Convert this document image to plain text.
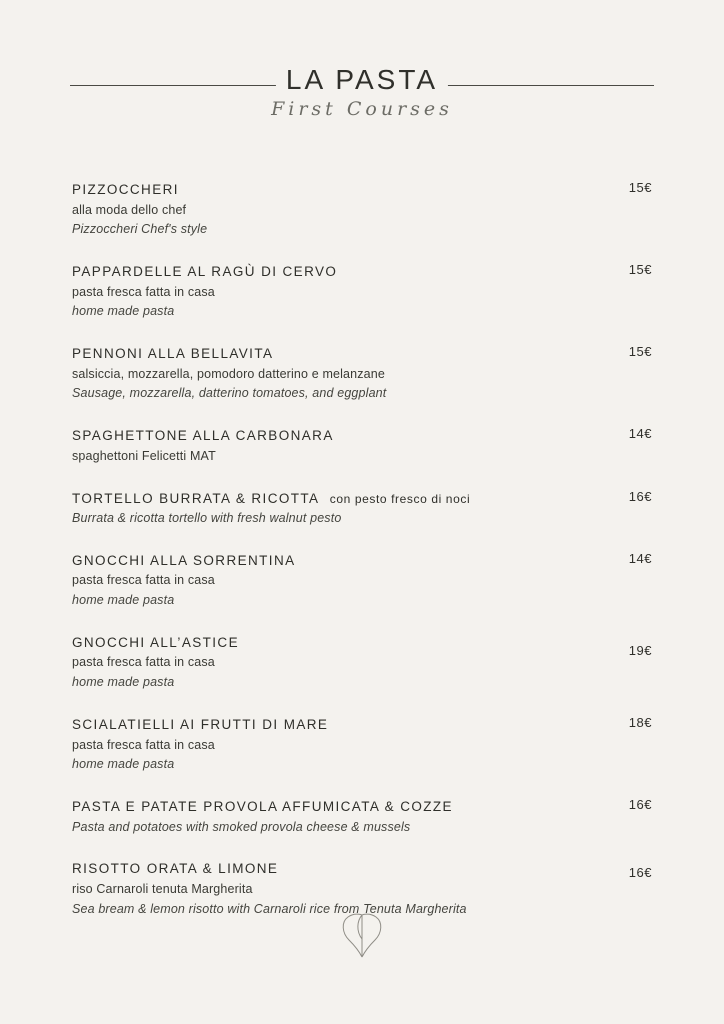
LA PASTA
First Courses
PIZZOCCHERI
alla moda dello chef
Pizzoccheri Chef's style
15€
PAPPARDELLE AL RAGÙ DI CERVO
pasta fresca fatta in casa
home made pasta
15€
PENNONI ALLA BELLAVITA
salsiccia, mozzarella, pomodoro datterino e melanzane
Sausage, mozzarella, datterino tomatoes, and eggplant
15€
SPAGHETTONE ALLA CARBONARA
spaghettoni Felicetti MAT
14€
TORTELLO BURRATA & RICOTTA con pesto fresco di noci
Burrata & ricotta tortello with fresh walnut pesto
16€
GNOCCHI ALLA SORRENTINA
pasta fresca fatta in casa
home made pasta
14€
GNOCCHI ALL’ASTICE
pasta fresca fatta in casa
home made pasta
19€
SCIALATIELLI AI FRUTTI DI MARE
pasta fresca fatta in casa
home made pasta
18€
PASTA E PATATE PROVOLA AFFUMICATA & COZZE
Pasta and potatoes with smoked provola cheese & mussels
16€
RISOTTO ORATA & LIMONE
riso Carnaroli tenuta Margherita
Sea bream & lemon risotto with Carnaroli rice from Tenuta Margherita
16€
